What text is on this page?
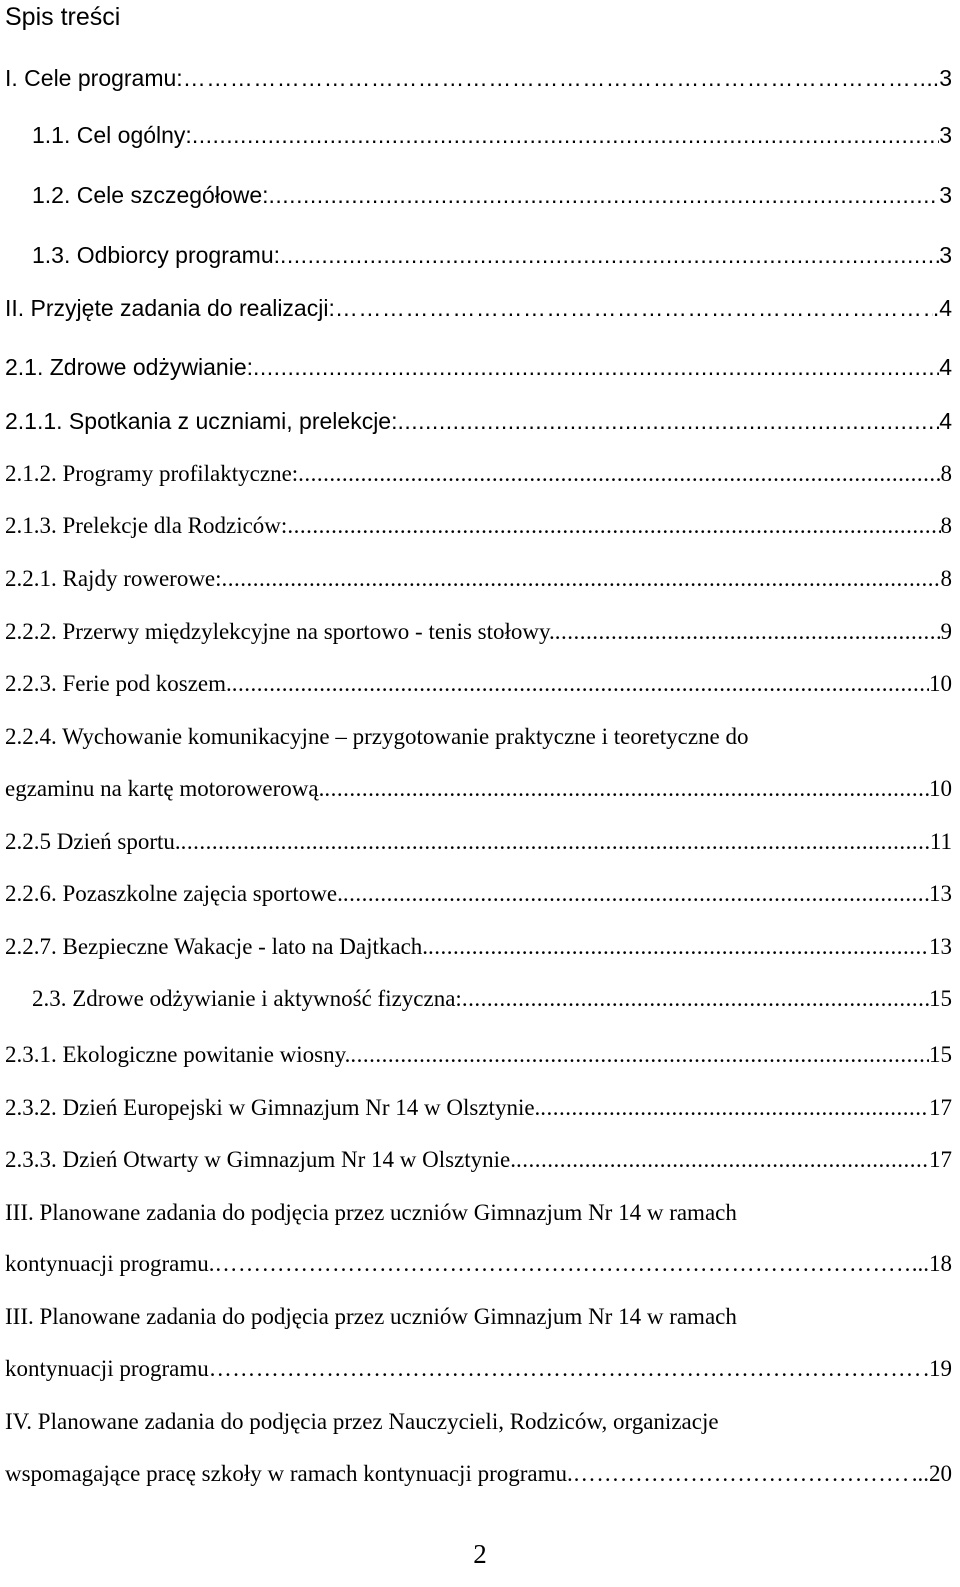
Spis treści
I. Cele programu: …………………………………………………………………………………………………………………………………………………………………………………………………………………………………………………………………………………………………………………………	..3
1.1. Cel ogólny: .....	3
1.2. Cele szczegółowe: .....	3
1.3. Odbiorcy programu: .....	3
II. Przyjęte zadania do realizacji: …………………………………………………………………………………………………………………………………………………………………………………………………………………………………………………………………………………………………………………………	.4
2.1. Zdrowe odżywianie: .....	4
2.1.1. Spotkania z uczniami, prelekcje: .....	4
2.1.2. Programy profilaktyczne: .....	8
2.1.3. Prelekcje dla Rodziców: .....	8
2.2.1. Rajdy rowerowe: .....	8
2.2.2. Przerwy międzylekcyjne na sportowo - tenis stołowy. .....	9
2.2.3. Ferie pod koszem. .....	10
2.2.4. Wychowanie komunikacyjne – przygotowanie praktyczne i teoretyczne do
egzaminu na kartę motorowerową. .....	10
2.2.5 Dzień sportu. .....	11
2.2.6. Pozaszkolne zajęcia sportowe. .....	13
2.2.7. Bezpieczne Wakacje - lato na Dajtkach. .....	13
2.3. Zdrowe odżywianie i aktywność fizyczna: .....	15
2.3.1. Ekologiczne powitanie wiosny. .....	15
2.3.2. Dzień Europejski w Gimnazjum Nr 14 w Olsztynie. .....	17
2.3.3. Dzień Otwarty w Gimnazjum Nr 14 w Olsztynie. .....	17
III. Planowane zadania do podjęcia przez uczniów Gimnazjum Nr 14 w ramach
kontynuacji programu. …………………………………………………………………………………………………………………………………………………………………………………………………………………………………………………………………………………………………………………………	...18
III. Planowane zadania do podjęcia przez uczniów Gimnazjum Nr 14 w ramach
kontynuacji programu …………………………………………………………………………………………………………………………………………………………………………………………………………………………………………………………………………………………………………………………	.19
IV. Planowane zadania do podjęcia przez Nauczycieli, Rodziców, organizacje
wspomagające pracę szkoły w ramach kontynuacji programu. …………………………………………………………………………………………………………………………………………………………………………………………………………………………………………………………………………………………………………………………	...20
2
